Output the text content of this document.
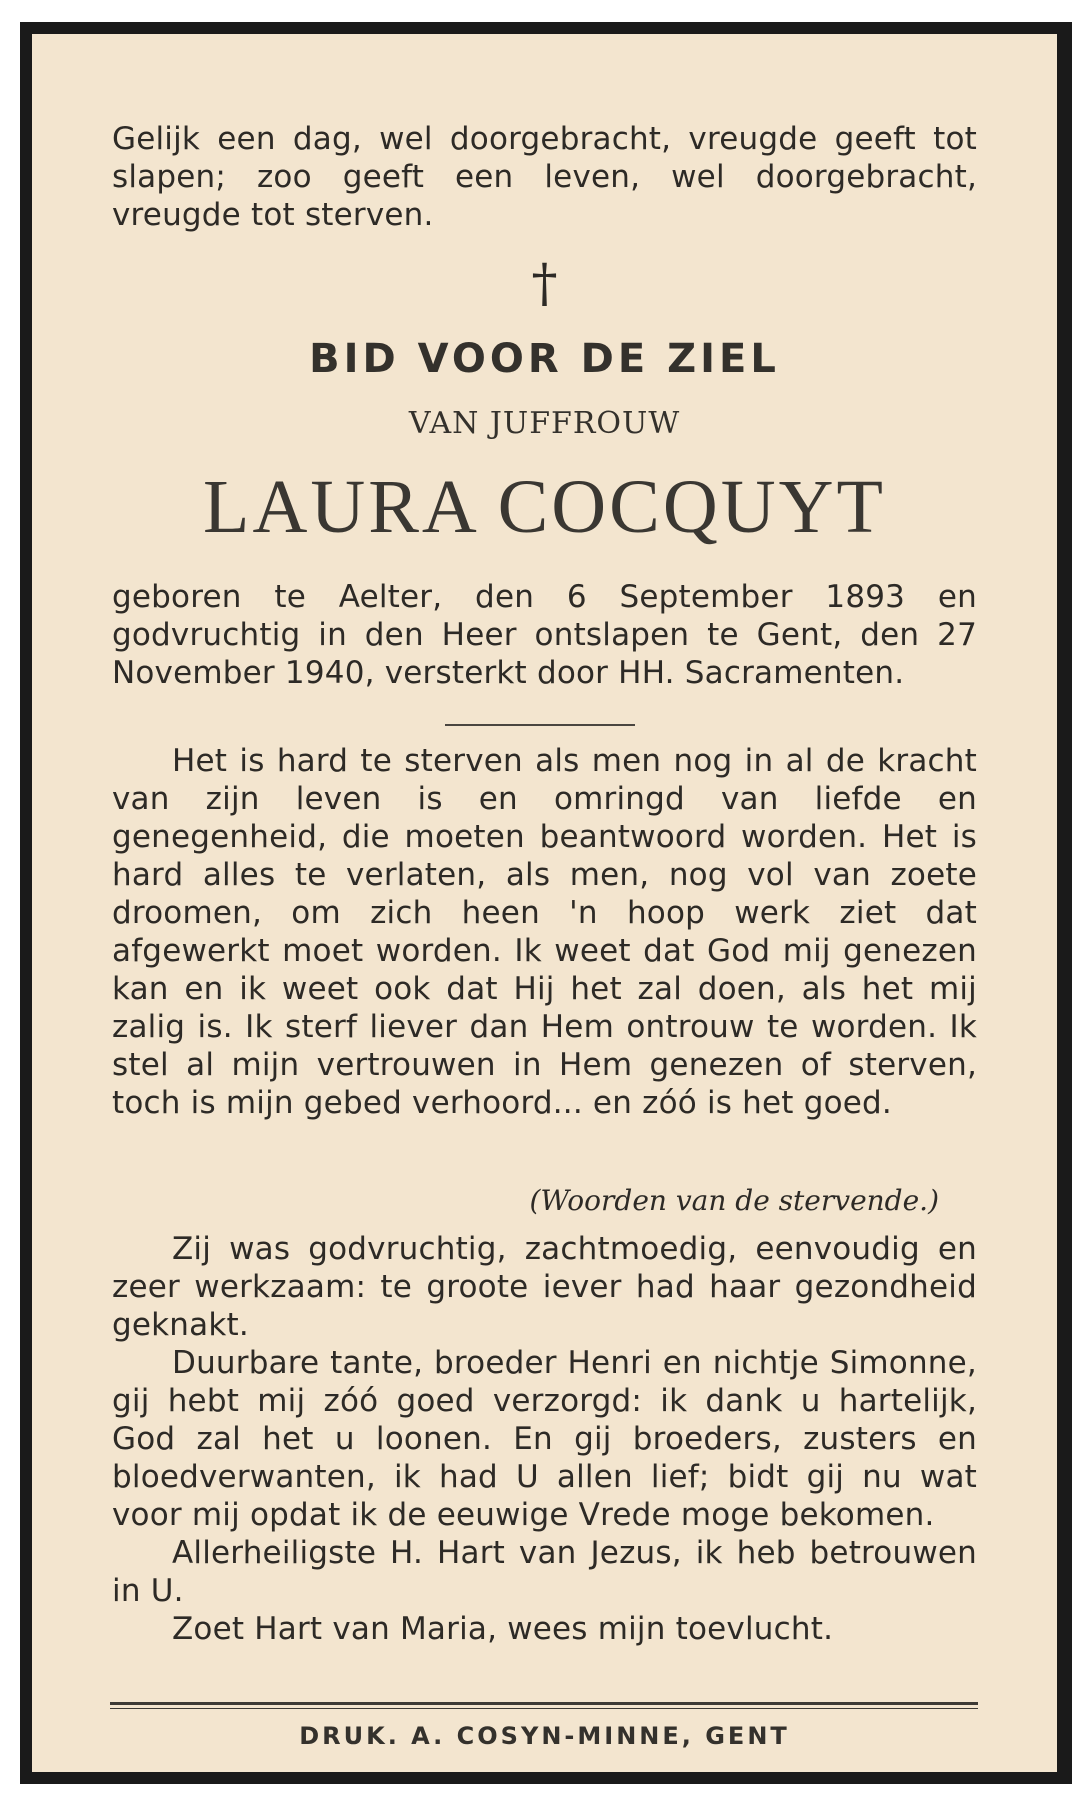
Gelijk een dag, wel doorgebracht, vreugde geeft tot slapen; zoo geeft een leven, wel doorgebracht, vreugde tot sterven.
†
BID VOOR DE ZIEL
VAN JUFFROUW
LAURA COCQUYT
geboren te Aelter, den 6 September 1893 en godvruchtig in den Heer ontslapen te Gent, den 27 November 1940, versterkt door HH. Sacramenten.

Het is hard te sterven als men nog in al de kracht van zijn leven is en omringd van liefde en genegenheid, die moeten beantwoord worden. Het is hard alles te verlaten, als men, nog vol van zoete droomen, om zich heen 'n hoop werk ziet dat afgewerkt moet worden. Ik weet dat God mij genezen kan en ik weet ook dat Hij het zal doen, als het mij zalig is. Ik sterf liever dan Hem ontrouw te worden. Ik stel al mijn vertrouwen in Hem genezen of sterven, toch is mijn gebed verhoord... en zóó is het goed.

(Woorden van de stervende.)

Zij was godvruchtig, zachtmoedig, eenvoudig en zeer werkzaam: te groote iever had haar gezondheid geknakt.

Duurbare tante, broeder Henri en nichtje Simonne, gij hebt mij zóó goed verzorgd: ik dank u hartelijk, God zal het u loonen. En gij broeders, zusters en bloedverwanten, ik had U allen lief; bidt gij nu wat voor mij opdat ik de eeuwige Vrede moge bekomen.

Allerheiligste H. Hart van Jezus, ik heb betrouwen in U.

Zoet Hart van Maria, wees mijn toevlucht.

DRUK. A. COSYN-MINNE, GENT
